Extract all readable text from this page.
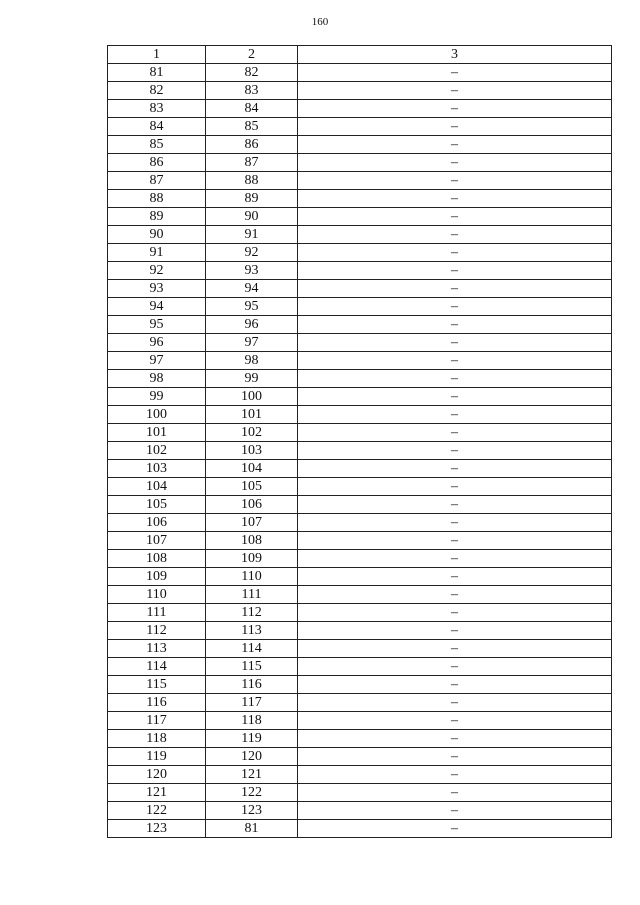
160
1	2	3
81	82	–
82	83	–
83	84	–
84	85	–
85	86	–
86	87	–
87	88	–
88	89	–
89	90	–
90	91	–
91	92	–
92	93	–
93	94	–
94	95	–
95	96	–
96	97	–
97	98	–
98	99	–
99	100	–
100	101	–
101	102	–
102	103	–
103	104	–
104	105	–
105	106	–
106	107	–
107	108	–
108	109	–
109	110	–
110	111	–
111	112	–
112	113	–
113	114	–
114	115	–
115	116	–
116	117	–
117	118	–
118	119	–
119	120	–
120	121	–
121	122	–
122	123	–
123	81	–
